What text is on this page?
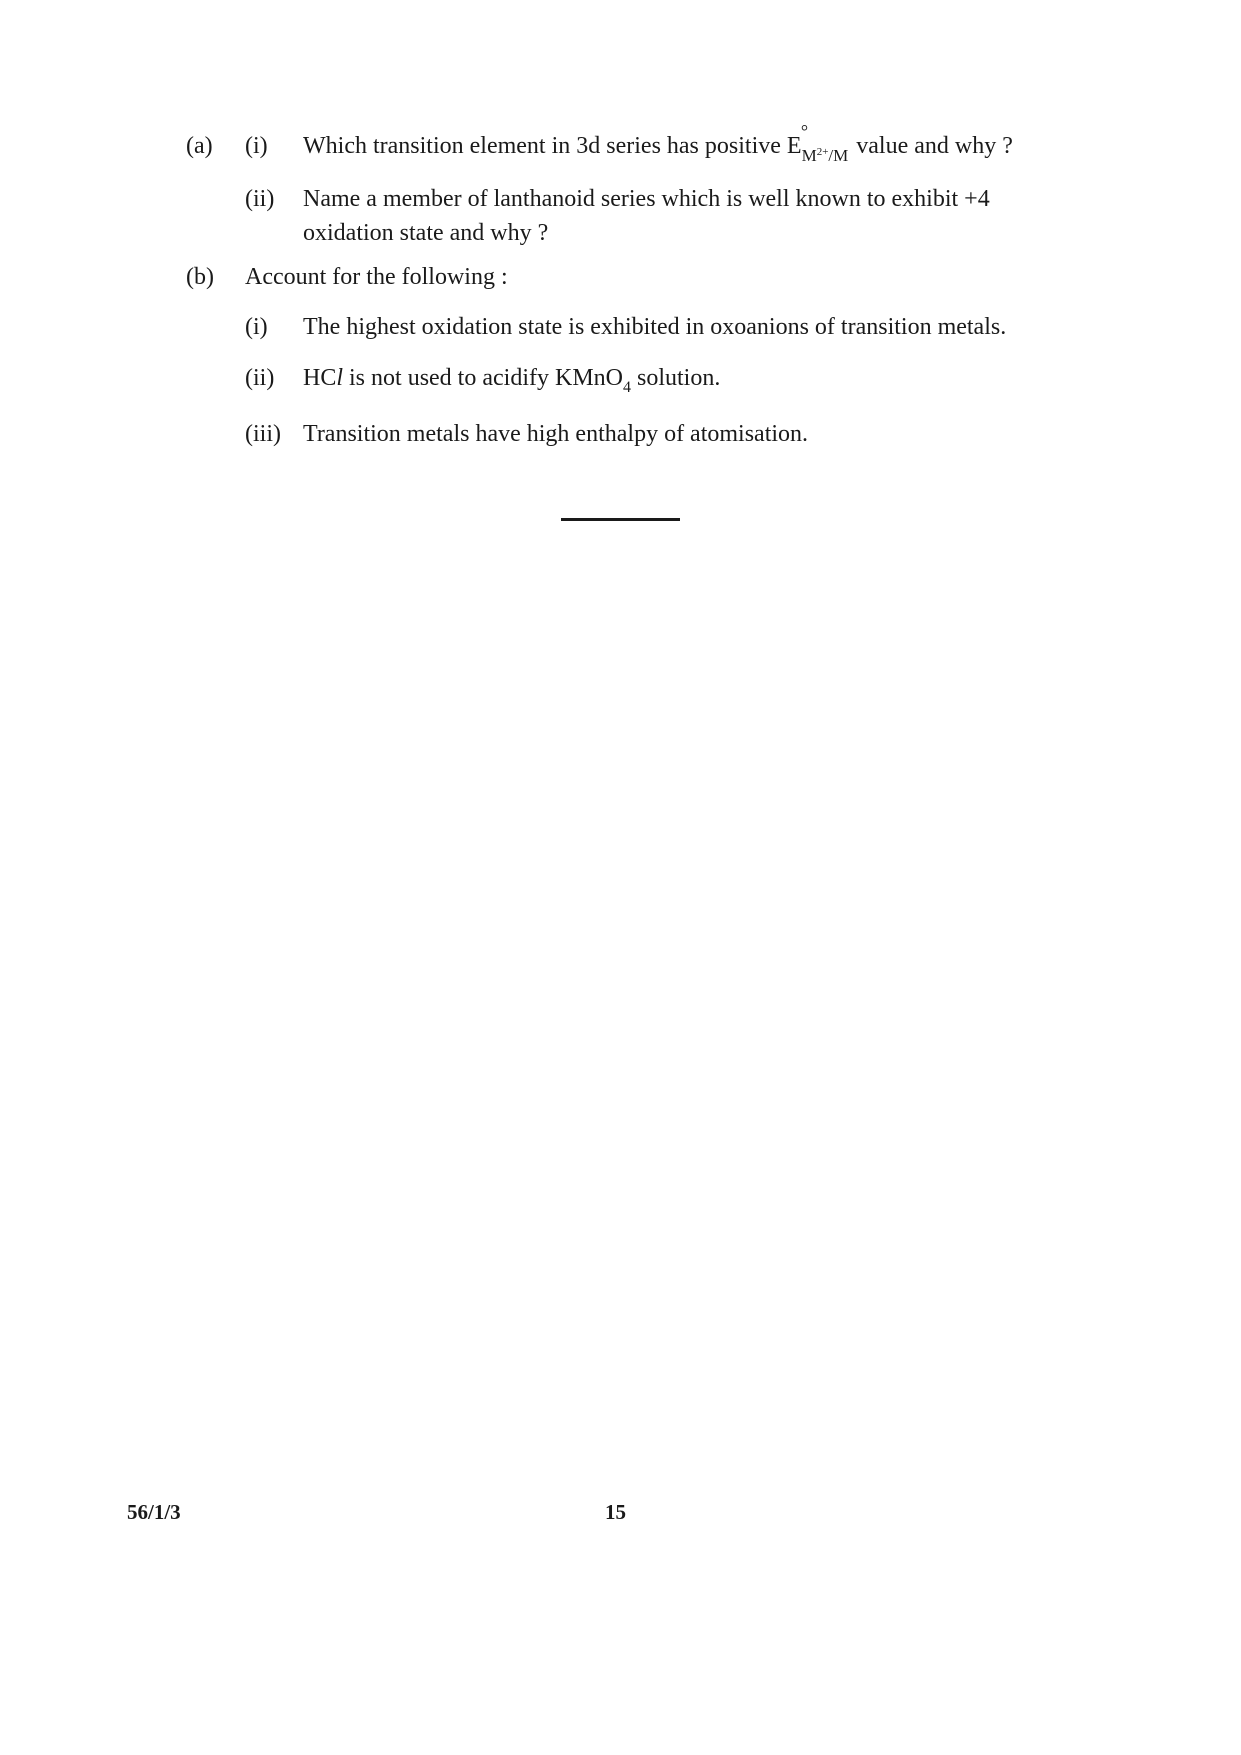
(a) (i) Which transition element in 3d series has positive E
°
$_{M^{2+}/M}$ value and why ?
(ii) Name a member of lanthanoid series which is well known to exhibit +4
oxidation state and why ?
(b) Account for the following :
(i) The highest oxidation state is exhibited in oxoanions of transition metals.
(ii) HCl is not used to acidify KMnO$_4$ solution.
(iii) Transition metals have high enthalpy of atomisation.
56/1/3	15
